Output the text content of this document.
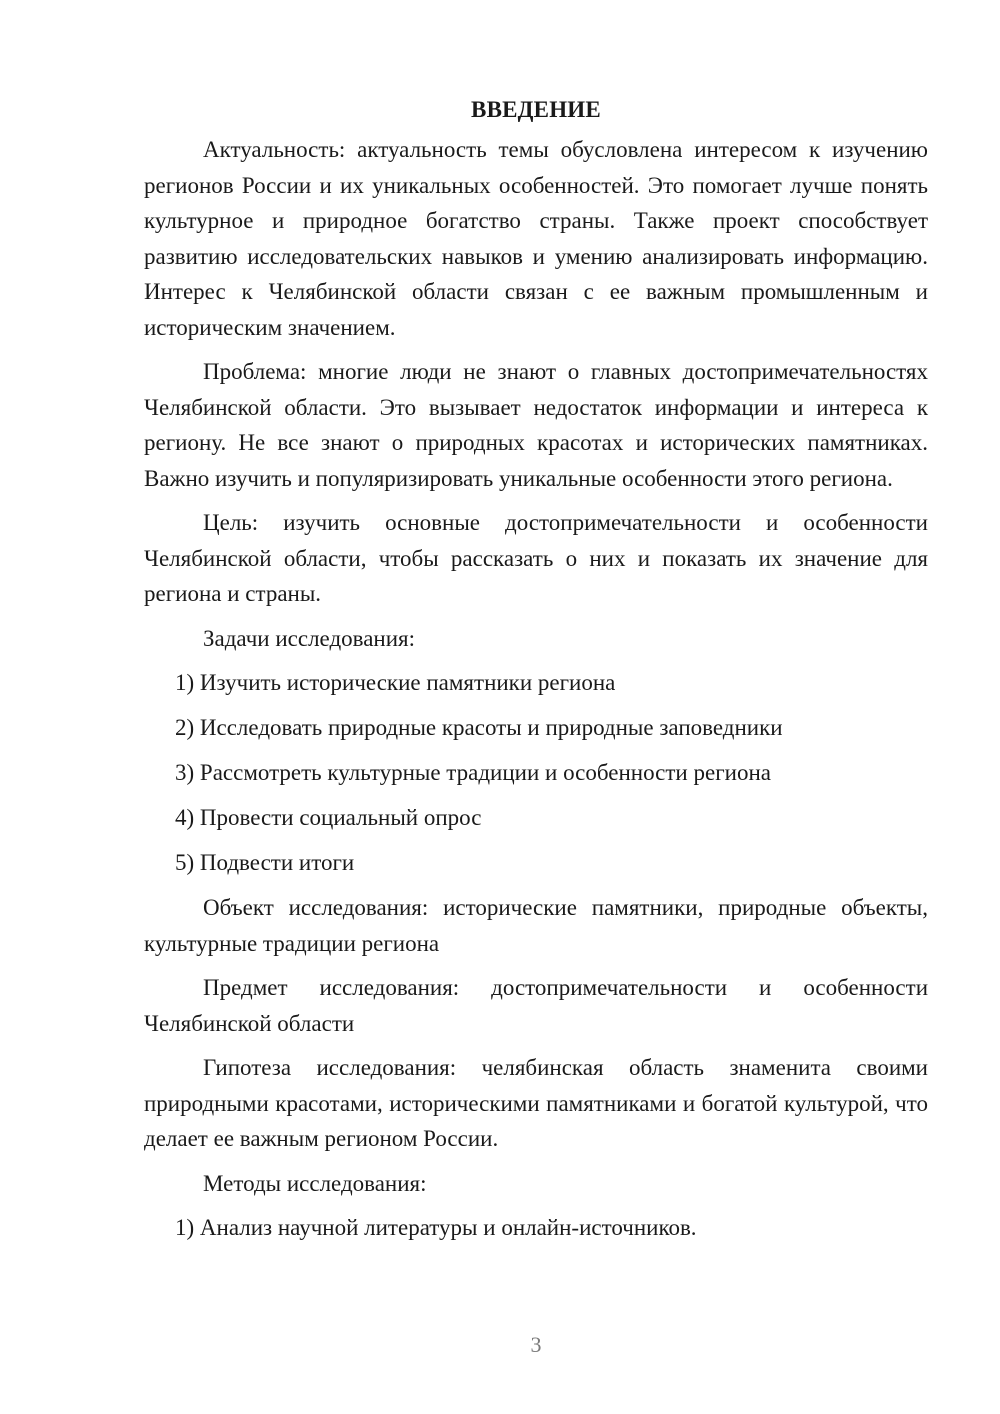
ВВЕДЕНИЕ

Актуальность: актуальность темы обусловлена интересом к изучению регионов России и их уникальных особенностей. Это помогает лучше понять культурное и природное богатство страны. Также проект способствует развитию исследовательских навыков и умению анализировать информацию. Интерес к Челябинской области связан с ее важным промышленным и историческим значением.

Проблема: многие люди не знают о главных достопримечательностях Челябинской области. Это вызывает недостаток информации и интереса к региону. Не все знают о природных красотах и исторических памятниках. Важно изучить и популяризировать уникальные особенности этого региона.

Цель: изучить основные достопримечательности и особенности Челябинской области, чтобы рассказать о них и показать их значение для региона и страны.

Задачи исследования:

1) Изучить исторические памятники региона
2) Исследовать природные красоты и природные заповедники
3) Рассмотреть культурные традиции и особенности региона
4) Провести социальный опрос
5) Подвести итоги

Объект исследования: исторические памятники, природные объекты, культурные традиции региона

Предмет исследования: достопримечательности и особенности Челябинской области

Гипотеза исследования: челябинская область знаменита своими природными красотами, историческими памятниками и богатой культурой, что делает ее важным регионом России.

Методы исследования:

1) Анализ научной литературы и онлайн-источников.
3
